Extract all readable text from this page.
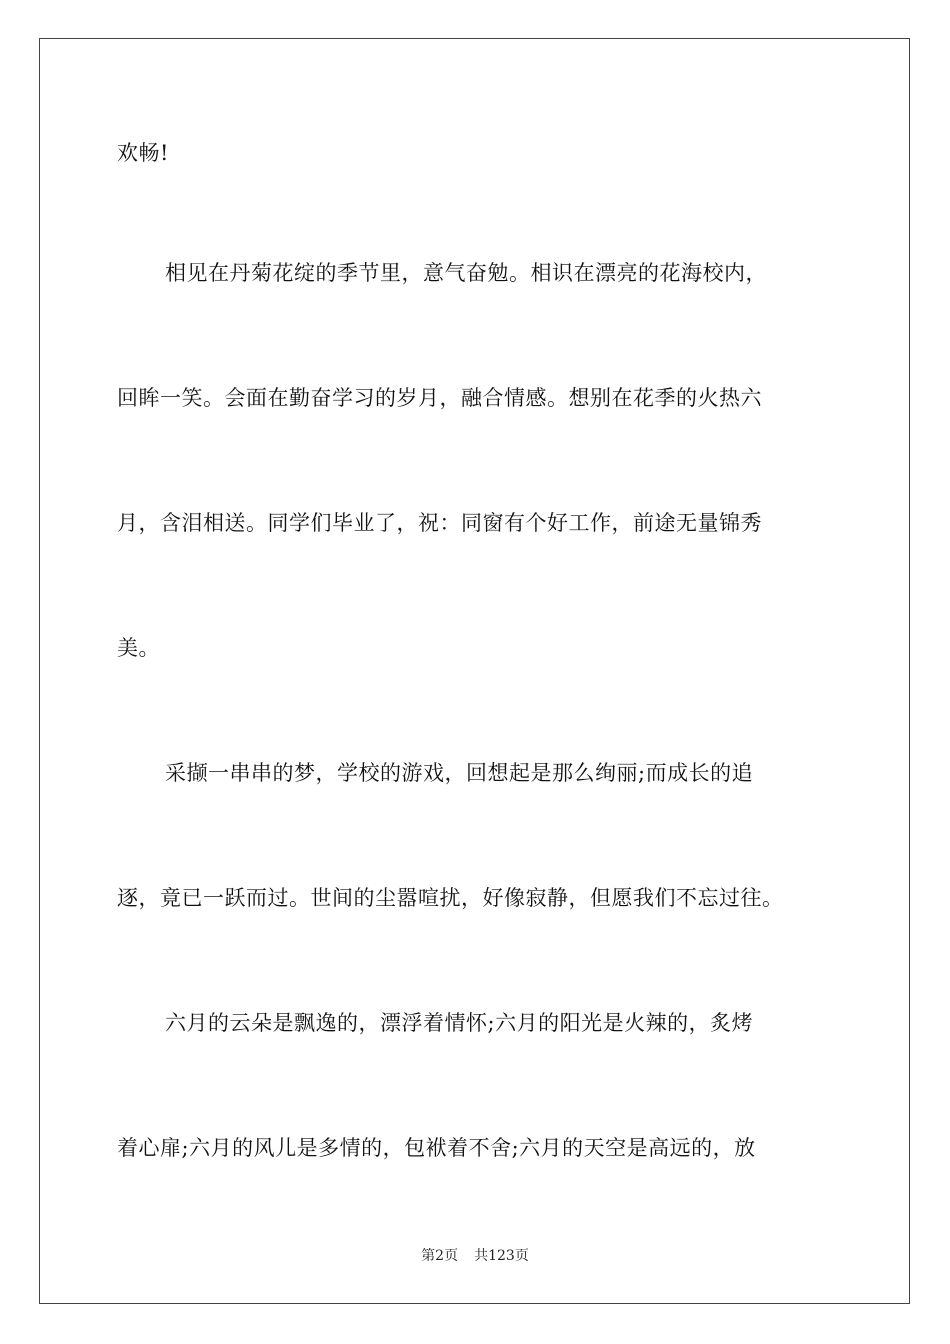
欢畅!
相见在丹菊花绽的季节里，意气奋勉。相识在漂亮的花海校内，
回眸一笑。会面在勤奋学习的岁月，融合情感。想别在花季的火热六
月，含泪相送。同学们毕业了，祝：同窗有个好工作，前途无量锦秀
美。
采撷一串串的梦，学校的游戏，回想起是那么绚丽;而成长的追
逐，竟已一跃而过。世间的尘嚣喧扰，好像寂静，但愿我们不忘过往。
六月的云朵是飘逸的，漂浮着情怀;六月的阳光是火辣的，炙烤
着心扉;六月的风儿是多情的，包袱着不舍;六月的天空是高远的，放
第2页 共123页
